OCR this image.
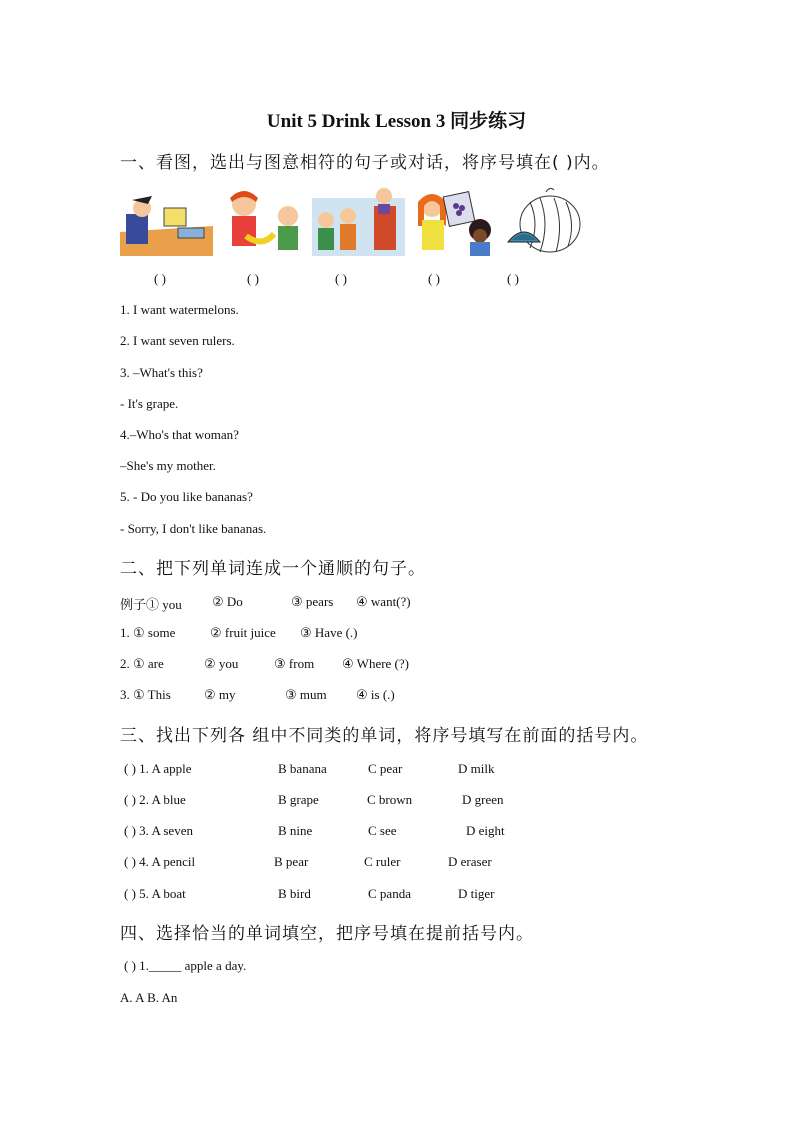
Unit 5 Drink Lesson 3 同步练习
一、看图，选出与图意相符的句子或对话，将序号填在( )内。
( )	( )	( )	( )	( )
1. I want watermelons.
2. I want seven rulers.
3. –What's this?
- It's grape.
4.–Who's that woman?
–She's my mother.
5. - Do you like bananas?
- Sorry, I don't like bananas.
二、把下列单词连成一个通顺的句子。
例子① you ② Do	③ pears ④ want(?)
1. ① some	② fruit juice ③ Have (.)
2. ① are	② you	③ from ④ Where (?)
3. ① This	② my	③ mum ④ is (.)
三、找出下列各 组中不同类的单词，将序号填写在前面的括号内。
( ) 1. A apple	B banana	C pear	D milk
( ) 2. A blue	B grape	C brown	D green
( ) 3. A seven	B nine	C see	D eight
( ) 4. A pencil	B pear	C ruler	D eraser
( ) 5. A boat	B bird	C panda	D tiger
四、选择恰当的单词填空，把序号填在提前括号内。
( ) 1._____ apple a day.
A. A B. An
